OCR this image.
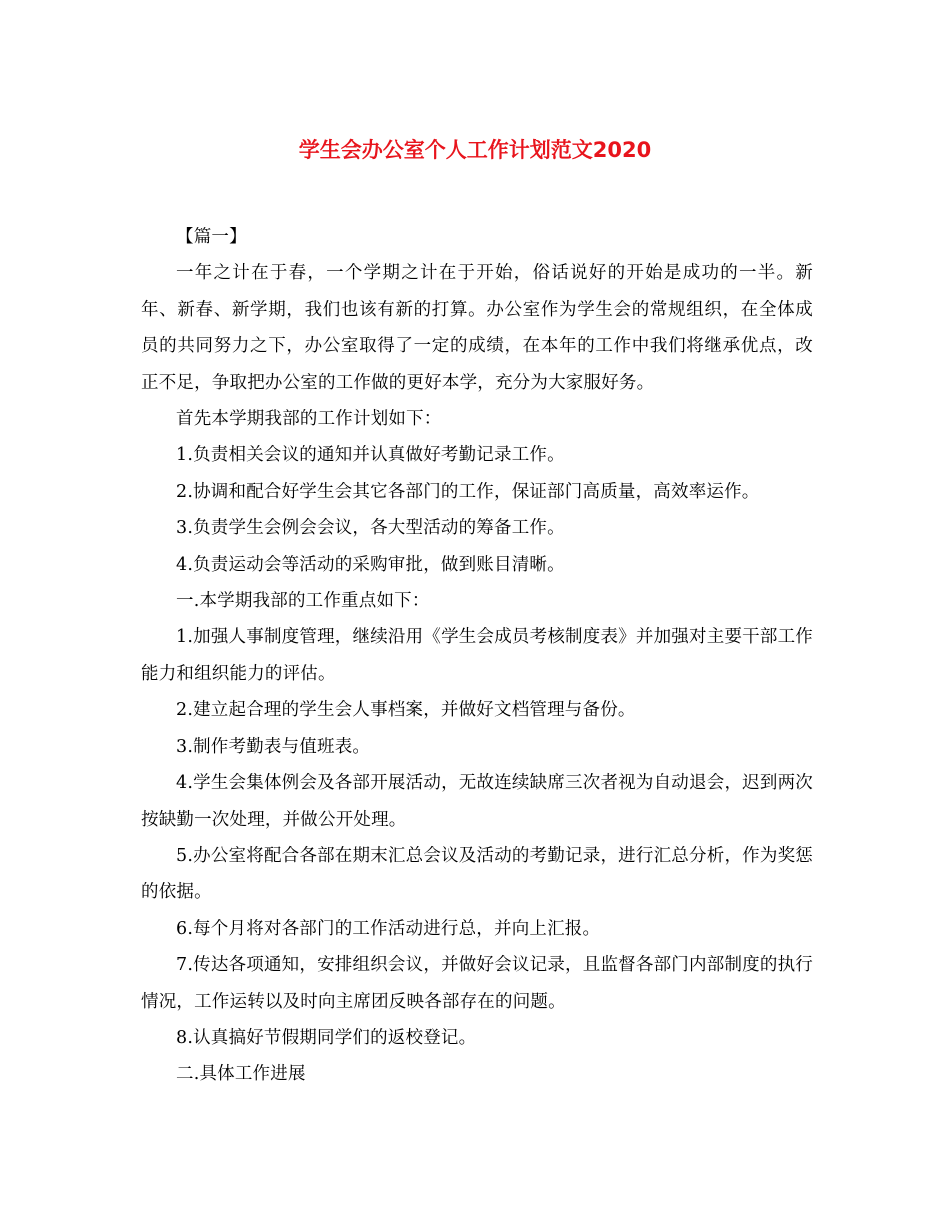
学生会办公室个人工作计划范文2020

【篇一】

一年之计在于春，一个学期之计在于开始，俗话说好的开始是成功的一半。新年、新春、新学期，我们也该有新的打算。办公室作为学生会的常规组织，在全体成员的共同努力之下，办公室取得了一定的成绩，在本年的工作中我们将继承优点，改正不足，争取把办公室的工作做的更好本学，充分为大家服好务。

首先本学期我部的工作计划如下：

1.负责相关会议的通知并认真做好考勤记录工作。

2.协调和配合好学生会其它各部门的工作，保证部门高质量，高效率运作。

3.负责学生会例会会议，各大型活动的筹备工作。

4.负责运动会等活动的采购审批，做到账目清晰。

一.本学期我部的工作重点如下：

1.加强人事制度管理，继续沿用《学生会成员考核制度表》并加强对主要干部工作能力和组织能力的评估。

2.建立起合理的学生会人事档案，并做好文档管理与备份。

3.制作考勤表与值班表。

4.学生会集体例会及各部开展活动，无故连续缺席三次者视为自动退会，迟到两次按缺勤一次处理，并做公开处理。

5.办公室将配合各部在期末汇总会议及活动的考勤记录，进行汇总分析，作为奖惩的依据。

6.每个月将对各部门的工作活动进行总，并向上汇报。

7.传达各项通知，安排组织会议，并做好会议记录，且监督各部门内部制度的执行情况，工作运转以及时向主席团反映各部存在的问题。

8.认真搞好节假期同学们的返校登记。

二.具体工作进展
